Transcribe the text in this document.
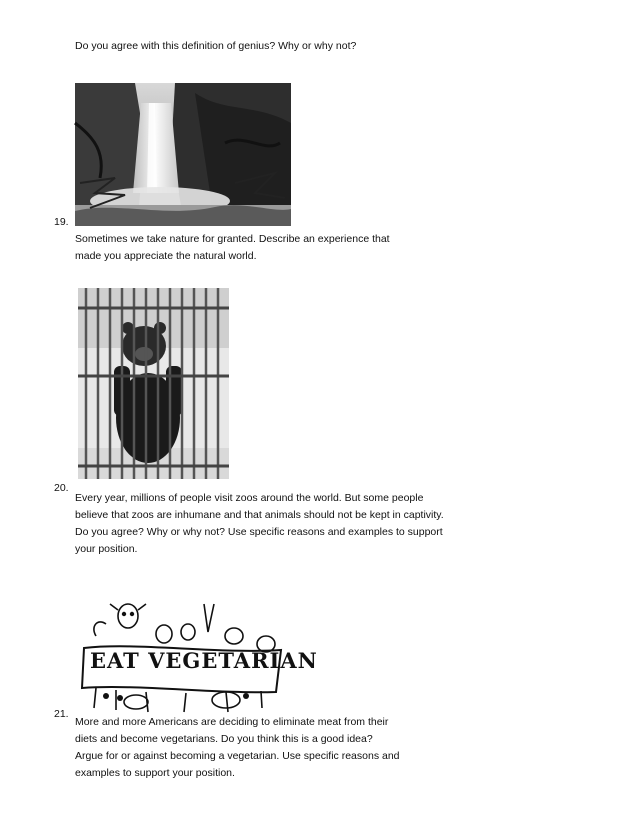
Do you agree with this definition of genius? Why or why not?
19.
Sometimes we take nature for granted. Describe an experience that
made you appreciate the natural world.
20.
Every year, millions of people visit zoos around the world. But some people
believe that zoos are inhumane and that animals should not be kept in captivity.
Do you agree? Why or why not? Use specific reasons and examples to support
your position.
EAT VEGETARIAN
21.
More and more Americans are deciding to eliminate meat from their
diets and become vegetarians. Do you think this is a good idea?
Argue for or against becoming a vegetarian. Use specific reasons and
examples to support your position.
